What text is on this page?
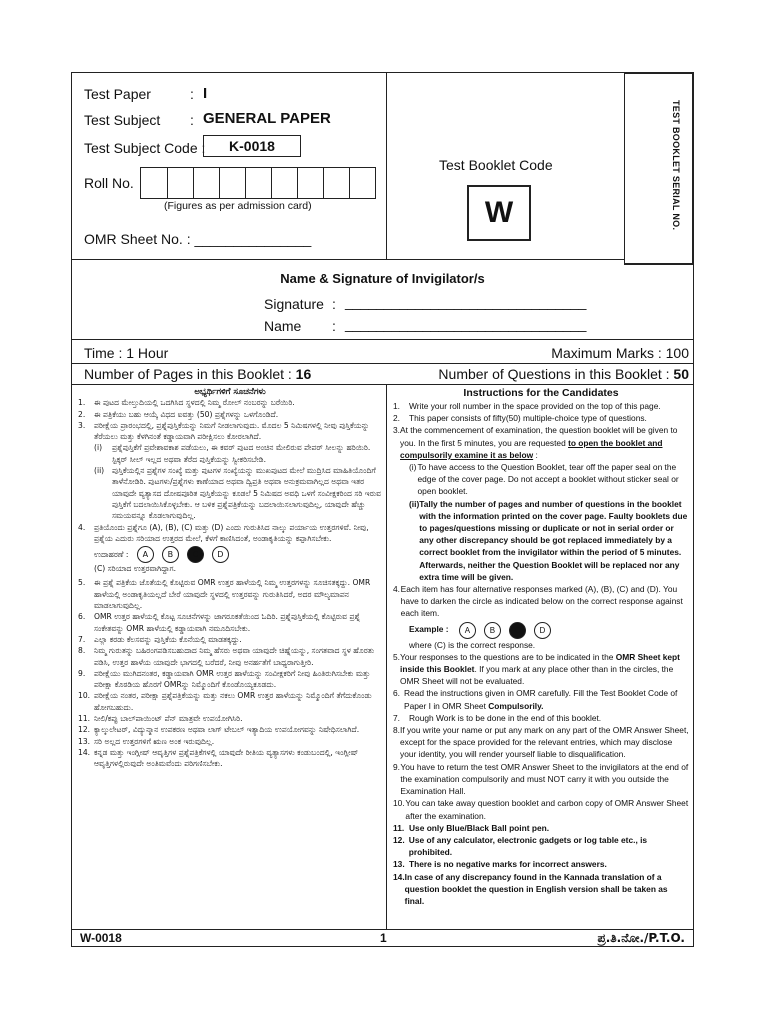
Test Paper	: I
Test Subject : GENERAL PAPER
Test Subject Code :	K-0018
Roll No.
(Figures as per admission card)
OMR Sheet No. : _______________
Test Booklet Code
W	TEST BOOKLET SERIAL NO.
Name & Signature of Invigilator/s
Signature : _______________________________
Name : _______________________________
Time : 1 Hour	Maximum Marks : 100
Number of Pages in this Booklet : 16	Number of Questions in this Booklet : 50
ಅಭ್ಯರ್ಥಿಗಳಿಗೆ ಸೂಚನೆಗಳು
1.	ಈ ಪುಟದ ಮೇಲ್ತುದಿಯಲ್ಲಿ ಒದಗಿಸಿದ ಸ್ಥಳದಲ್ಲಿ ನಿಮ್ಮ ರೋಲ್ ನಂಬರನ್ನು ಬರೆಯಿರಿ.
2.	ಈ ಪತ್ರಿಕೆಯು ಬಹು ಆಯ್ಕೆ ವಿಧದ ಐವತ್ತು (50) ಪ್ರಶ್ನೆಗಳನ್ನು ಒಳಗೊಂಡಿದೆ.
3.	ಪರೀಕ್ಷೆಯ ಪ್ರಾರಂಭದಲ್ಲಿ, ಪ್ರಶ್ನೆಪುಸ್ತಿಕೆಯನ್ನು ನಿಮಗೆ ನೀಡಲಾಗುವುದು. ಮೊದಲ 5 ನಿಮಿಷಗಳಲ್ಲಿ ನೀವು ಪುಸ್ತಿಕೆಯನ್ನು ತೆರೆಯಲು ಮತ್ತು ಕೆಳಗಿನಂತೆ ಕಡ್ಡಾಯವಾಗಿ ಪರೀಕ್ಷಿಸಲು ಕೋರಲಾಗಿದೆ.
(i)	ಪ್ರಶ್ನೆಪುಸ್ತಿಕೆಗೆ ಪ್ರವೇಶಾವಕಾಶ ಪಡೆಯಲು, ಈ ಕವರ್ ಪುಟದ ಅಂಚಿನ ಮೇಲಿರುವ ಪೇಪರ್ ಸೀಲನ್ನು ಹರಿಯಿರಿ. ಸ್ಟಿಕ್ಕರ್ ಸೀಲ್ ಇಲ್ಲದ ಅಥವಾ ತೆರೆದ ಪುಸ್ತಿಕೆಯನ್ನು ಸ್ವೀಕರಿಸಬೇಡಿ.
(ii)	ಪುಸ್ತಿಕೆಯಲ್ಲಿನ ಪ್ರಶ್ನೆಗಳ ಸಂಖ್ಯೆ ಮತ್ತು ಪುಟಗಳ ಸಂಖ್ಯೆಯನ್ನು ಮುಖಪುಟದ ಮೇಲೆ ಮುದ್ರಿಸಿದ ಮಾಹಿತಿಯೊಂದಿಗೆ ತಾಳೆನೋಡಿರಿ. ಪುಟಗಳು/ಪ್ರಶ್ನೆಗಳು ಕಾಣೆಯಾದ ಅಥವಾ ದ್ವಿಪ್ರತಿ ಅಥವಾ ಅನುಕ್ರಮವಾಗಿಲ್ಲದ ಅಥವಾ ಇತರ ಯಾವುದೇ ವ್ಯತ್ಯಾಸದ ದೋಷಪೂರಿತ ಪುಸ್ತಿಕೆಯನ್ನು ಕೂಡಲೆ 5 ನಿಮಿಷದ ಅವಧಿ ಒಳಗೆ ಸಂವೀಕ್ಷಕರಿಂದ ಸರಿ ಇರುವ ಪುಸ್ತಿಕೆಗೆ ಬದಲಾಯಿಸಿಕೊಳ್ಳಬೇಕು. ಆ ಬಳಿಕ ಪ್ರಶ್ನೆಪತ್ರಿಕೆಯನ್ನು ಬದಲಾಯಿಸಲಾಗುವುದಿಲ್ಲ, ಯಾವುದೇ ಹೆಚ್ಚು ಸಮಯವನ್ನೂ ಕೊಡಲಾಗುವುದಿಲ್ಲ.
4.	ಪ್ರತಿಯೊಂದು ಪ್ರಶ್ನೆಗೂ (A), (B), (C) ಮತ್ತು (D) ಎಂದು ಗುರುತಿಸಿದ ನಾಲ್ಕು ಪರ್ಯಾಯ ಉತ್ತರಗಳಿವೆ. ನೀವು, ಪ್ರಶ್ನೆಯ ಎದುರು ಸರಿಯಾದ ಉತ್ತರದ ಮೇಲೆ, ಕೆಳಗೆ ಕಾಣಿಸಿದಂತೆ, ಅಂಡಾಕೃತಿಯನ್ನು ಕಪ್ಪಾಗಿಸಬೇಕು.
ಉದಾಹರಣೆ : A B C D
(C) ಸರಿಯಾದ ಉತ್ತರವಾಗಿದ್ದಾಗ.
5.	ಈ ಪ್ರಶ್ನೆ ಪತ್ರಿಕೆಯ ಜೊತೆಯಲ್ಲಿ ಕೊಟ್ಟಿರುವ OMR ಉತ್ತರ ಹಾಳೆಯಲ್ಲಿ ನಿಮ್ಮ ಉತ್ತರಗಳನ್ನು ಸೂಚಿಸತಕ್ಕದ್ದು. OMR ಹಾಳೆಯಲ್ಲಿ ಅಂಡಾಕೃತಿಯಲ್ಲದೆ ಬೇರೆ ಯಾವುದೇ ಸ್ಥಳದಲ್ಲಿ ಉತ್ತರವನ್ನು ಗುರುತಿಸಿದರೆ, ಅದರ ಮೌಲ್ಯಮಾಪನ ಮಾಡಲಾಗುವುದಿಲ್ಲ.
6.	OMR ಉತ್ತರ ಹಾಳೆಯಲ್ಲಿ ಕೊಟ್ಟ ಸೂಚನೆಗಳನ್ನು ಜಾಗರೂಕತೆಯಿಂದ ಓದಿರಿ. ಪ್ರಶ್ನೆಪುಸ್ತಿಕೆಯಲ್ಲಿ ಕೊಟ್ಟಿರುವ ಪ್ರಶ್ನೆ ಸಂಕೇತವನ್ನು OMR ಹಾಳೆಯಲ್ಲಿ ಕಡ್ಡಾಯವಾಗಿ ನಮೂದಿಸಬೇಕು.
7.	ಎಲ್ಲಾ ಕರಡು ಕೆಲಸವನ್ನು ಪುಸ್ತಿಕೆಯ ಕೊನೆಯಲ್ಲಿ ಮಾಡತಕ್ಕದ್ದು.
8.	ನಿಮ್ಮ ಗುರುತನ್ನು ಬಹಿರಂಗಪಡಿಸಬಹುದಾದ ನಿಮ್ಮ ಹೆಸರು ಅಥವಾ ಯಾವುದೇ ಚಿಹ್ನೆಯನ್ನು, ಸಂಗತವಾದ ಸ್ಥಳ ಹೊರತು ಪಡಿಸಿ, ಉತ್ತರ ಹಾಳೆಯ ಯಾವುದೇ ಭಾಗದಲ್ಲಿ ಬರೆದರೆ, ನೀವು ಅನರ್ಹತೆಗೆ ಬಾಧ್ಯರಾಗುತ್ತೀರಿ.
9.	ಪರೀಕ್ಷೆಯು ಮುಗಿದನಂತರ, ಕಡ್ಡಾಯವಾಗಿ OMR ಉತ್ತರ ಹಾಳೆಯನ್ನು ಸಂವೀಕ್ಷಕರಿಗೆ ನೀವು ಹಿಂತಿರುಗಿಸಬೇಕು ಮತ್ತು ಪರೀಕ್ಷಾ ಕೊಠಡಿಯ ಹೊರಗೆ OMRನ್ನು ನಿಮ್ಮೊಂದಿಗೆ ಕೊಂಡೊಯ್ಯಕೂಡದು.
10. ಪರೀಕ್ಷೆಯ ನಂತರ, ಪರೀಕ್ಷಾ ಪ್ರಶ್ನೆಪತ್ರಿಕೆಯನ್ನು ಮತ್ತು ನಕಲು OMR ಉತ್ತರ ಹಾಳೆಯನ್ನು ನಿಮ್ಮೊಂದಿಗೆ ತೆಗೆದುಕೊಂಡು ಹೋಗಬಹುದು.
11. ನೀಲಿ/ಕಪ್ಪು ಬಾಲ್‌ಪಾಯಿಂಟ್ ಪೆನ್ ಮಾತ್ರವೇ ಉಪಯೋಗಿಸಿರಿ.
12. ಕ್ಯಾಲ್ಕುಲೇಟರ್, ವಿದ್ಯುನ್ಮಾನ ಉಪಕರಣ ಅಥವಾ ಲಾಗ್ ಟೇಬಲ್ ಇತ್ಯಾದಿಯ ಉಪಯೋಗವನ್ನು ನಿಷೇಧಿಸಲಾಗಿದೆ.
13. ಸರಿ ಅಲ್ಲದ ಉತ್ತರಗಳಿಗೆ ಋಣ ಅಂಕ ಇರುವುದಿಲ್ಲ.
14. ಕನ್ನಡ ಮತ್ತು ಇಂಗ್ಲೀಷ್ ಆವೃತ್ತಿಗಳ ಪ್ರಶ್ನೆಪತ್ರಿಕೆಗಳಲ್ಲಿ ಯಾವುದೇ ರೀತಿಯ ವ್ಯತ್ಯಾಸಗಳು ಕಂಡುಬಂದಲ್ಲಿ, ಇಂಗ್ಲೀಷ್ ಆವೃತ್ತಿಗಳಲ್ಲಿರುವುದೇ ಅಂತಿಮವೆಂದು ಪರಿಗಣಿಸಬೇಕು.
Instructions for the Candidates
1.	Write your roll number in the space provided on the top of this page.
2.	This paper consists of fifty(50) multiple-choice type of questions.
3. At the commencement of examination, the question booklet will be given to you. In the first 5 minutes, you are requested to open the booklet and compulsorily examine it as below :
(i) To have access to the Question Booklet, tear off the paper seal on the edge of the cover page. Do not accept a booklet without sticker seal or open booklet.
(ii) Tally the number of pages and number of questions in the booklet with the information printed on the cover page. Faulty booklets due to pages/questions missing or duplicate or not in serial order or any other discrepancy should be got replaced immediately by a correct booklet from the invigilator within the period of 5 minutes. Afterwards, neither the Question Booklet will be replaced nor any extra time will be given.
4. Each item has four alternative responses marked (A), (B), (C) and (D). You have to darken the circle as indicated below on the correct response against each item.
Example : A B C D
where (C) is the correct response.
5. Your responses to the questions are to be indicated in the OMR Sheet kept inside this Booklet. If you mark at any place other than in the circles, the OMR Sheet will not be evaluated.
6. Read the instructions given in OMR carefully. Fill the Test Booklet Code of Paper I in OMR Sheet Compulsorily.
7.	Rough Work is to be done in the end of this booklet.
8. If you write your name or put any mark on any part of the OMR Answer Sheet, except for the space provided for the relevant entries, which may disclose your identity, you will render yourself liable to disqualification.
9. You have to return the test OMR Answer Sheet to the invigilators at the end of the examination compulsorily and must NOT carry it with you outside the Examination Hall.
10. You can take away question booklet and carbon copy of OMR Answer Sheet after the examination.
11. Use only Blue/Black Ball point pen.
12. Use of any calculator, electronic gadgets or log table etc., is prohibited.
13. There is no negative marks for incorrect answers.
14. In case of any discrepancy found in the Kannada translation of a question booklet the question in English version shall be taken as final.
W-0018	1	ಪ್ರ.ತಿ.ನೋ./P.T.O.
